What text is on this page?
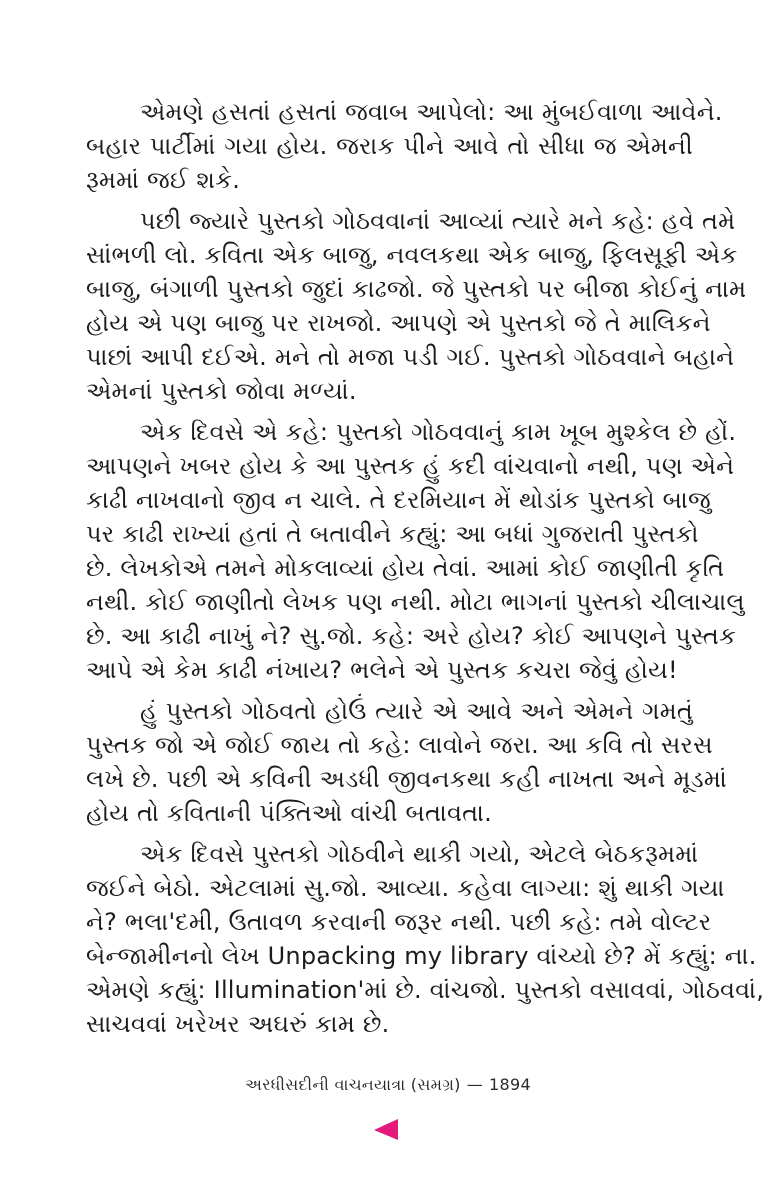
એમણે હસતાં હસતાં જવાબ આપેલો: આ મુંબઈવાળા આવેને.
બહાર પાર્ટીમાં ગયા હોય. જરાક પીને આવે તો સીધા જ એમની
રૂમમાં જઈ શકે.
પછી જ્યારે પુસ્તકો ગોઠવવાનાં આવ્યાં ત્યારે મને કહે: હવે તમે
સાંભળી લો. કવિતા એક બાજુ, નવલકથા એક બાજુ, ફિલસૂફી એક
બાજુ, બંગાળી પુસ્તકો જુદાં કાઢજો. જે પુસ્તકો પર બીજા કોઈનું નામ
હોય એ પણ બાજુ પર રાખજો. આપણે એ પુસ્તકો જે તે માલિકને
પાછાં આપી દઈએ. મને તો મજા પડી ગઈ. પુસ્તકો ગોઠવવાને બહાને
એમનાં પુસ્તકો જોવા મળ્યાં.
એક દિવસે એ કહે: પુસ્તકો ગોઠવવાનું કામ ખૂબ મુશ્કેલ છે હોં.
આપણને ખબર હોય કે આ પુસ્તક હું કદી વાંચવાનો નથી, પણ એને
કાઢી નાખવાનો જીવ ન ચાલે. તે દરમિયાન મેં થોડાંક પુસ્તકો બાજુ
પર કાઢી રાખ્યાં હતાં તે બતાવીને કહ્યું: આ બધાં ગુજરાતી પુસ્તકો
છે. લેખકોએ તમને મોકલાવ્યાં હોય તેવાં. આમાં કોઈ જાણીતી કૃતિ
નથી. કોઈ જાણીતો લેખક પણ નથી. મોટા ભાગનાં પુસ્તકો ચીલાચાલુ
છે. આ કાઢી નાખું ને? સુ.જો. કહે: અરે હોય? કોઈ આપણને પુસ્તક
આપે એ કેમ કાઢી નંખાય? ભલેને એ પુસ્તક કચરા જેવું હોય!
હું પુસ્તકો ગોઠવતો હોઉં ત્યારે એ આવે અને એમને ગમતું
પુસ્તક જો એ જોઈ જાય તો કહે: લાવોને જરા. આ કવિ તો સરસ
લખે છે. પછી એ કવિની અડધી જીવનકથા કહી નાખતા અને મૂડમાં
હોય તો કવિતાની પંક્તિઓ વાંચી બતાવતા.
એક દિવસે પુસ્તકો ગોઠવીને થાકી ગયો, એટલે બેઠકરૂમમાં
જઈને બેઠો. એટલામાં સુ.જો. આવ્યા. કહેવા લાગ્યા: શું થાકી ગયા
ને? ભલા'દમી, ઉતાવળ કરવાની જરૂર નથી. પછી કહે: તમે વોલ્ટર
બેન્જામીનનો લેખ Unpacking my library વાંચ્યો છે? મેં કહ્યું: ના.
એમણે કહ્યું: Illumination'માં છે. વાંચજો. પુસ્તકો વસાવવાં, ગોઠવવાં,
સાચવવાં ખરેખર અઘરું કામ છે.
અરધીસદીની વાચનયાત્રા (સમગ્ર) — 1894
